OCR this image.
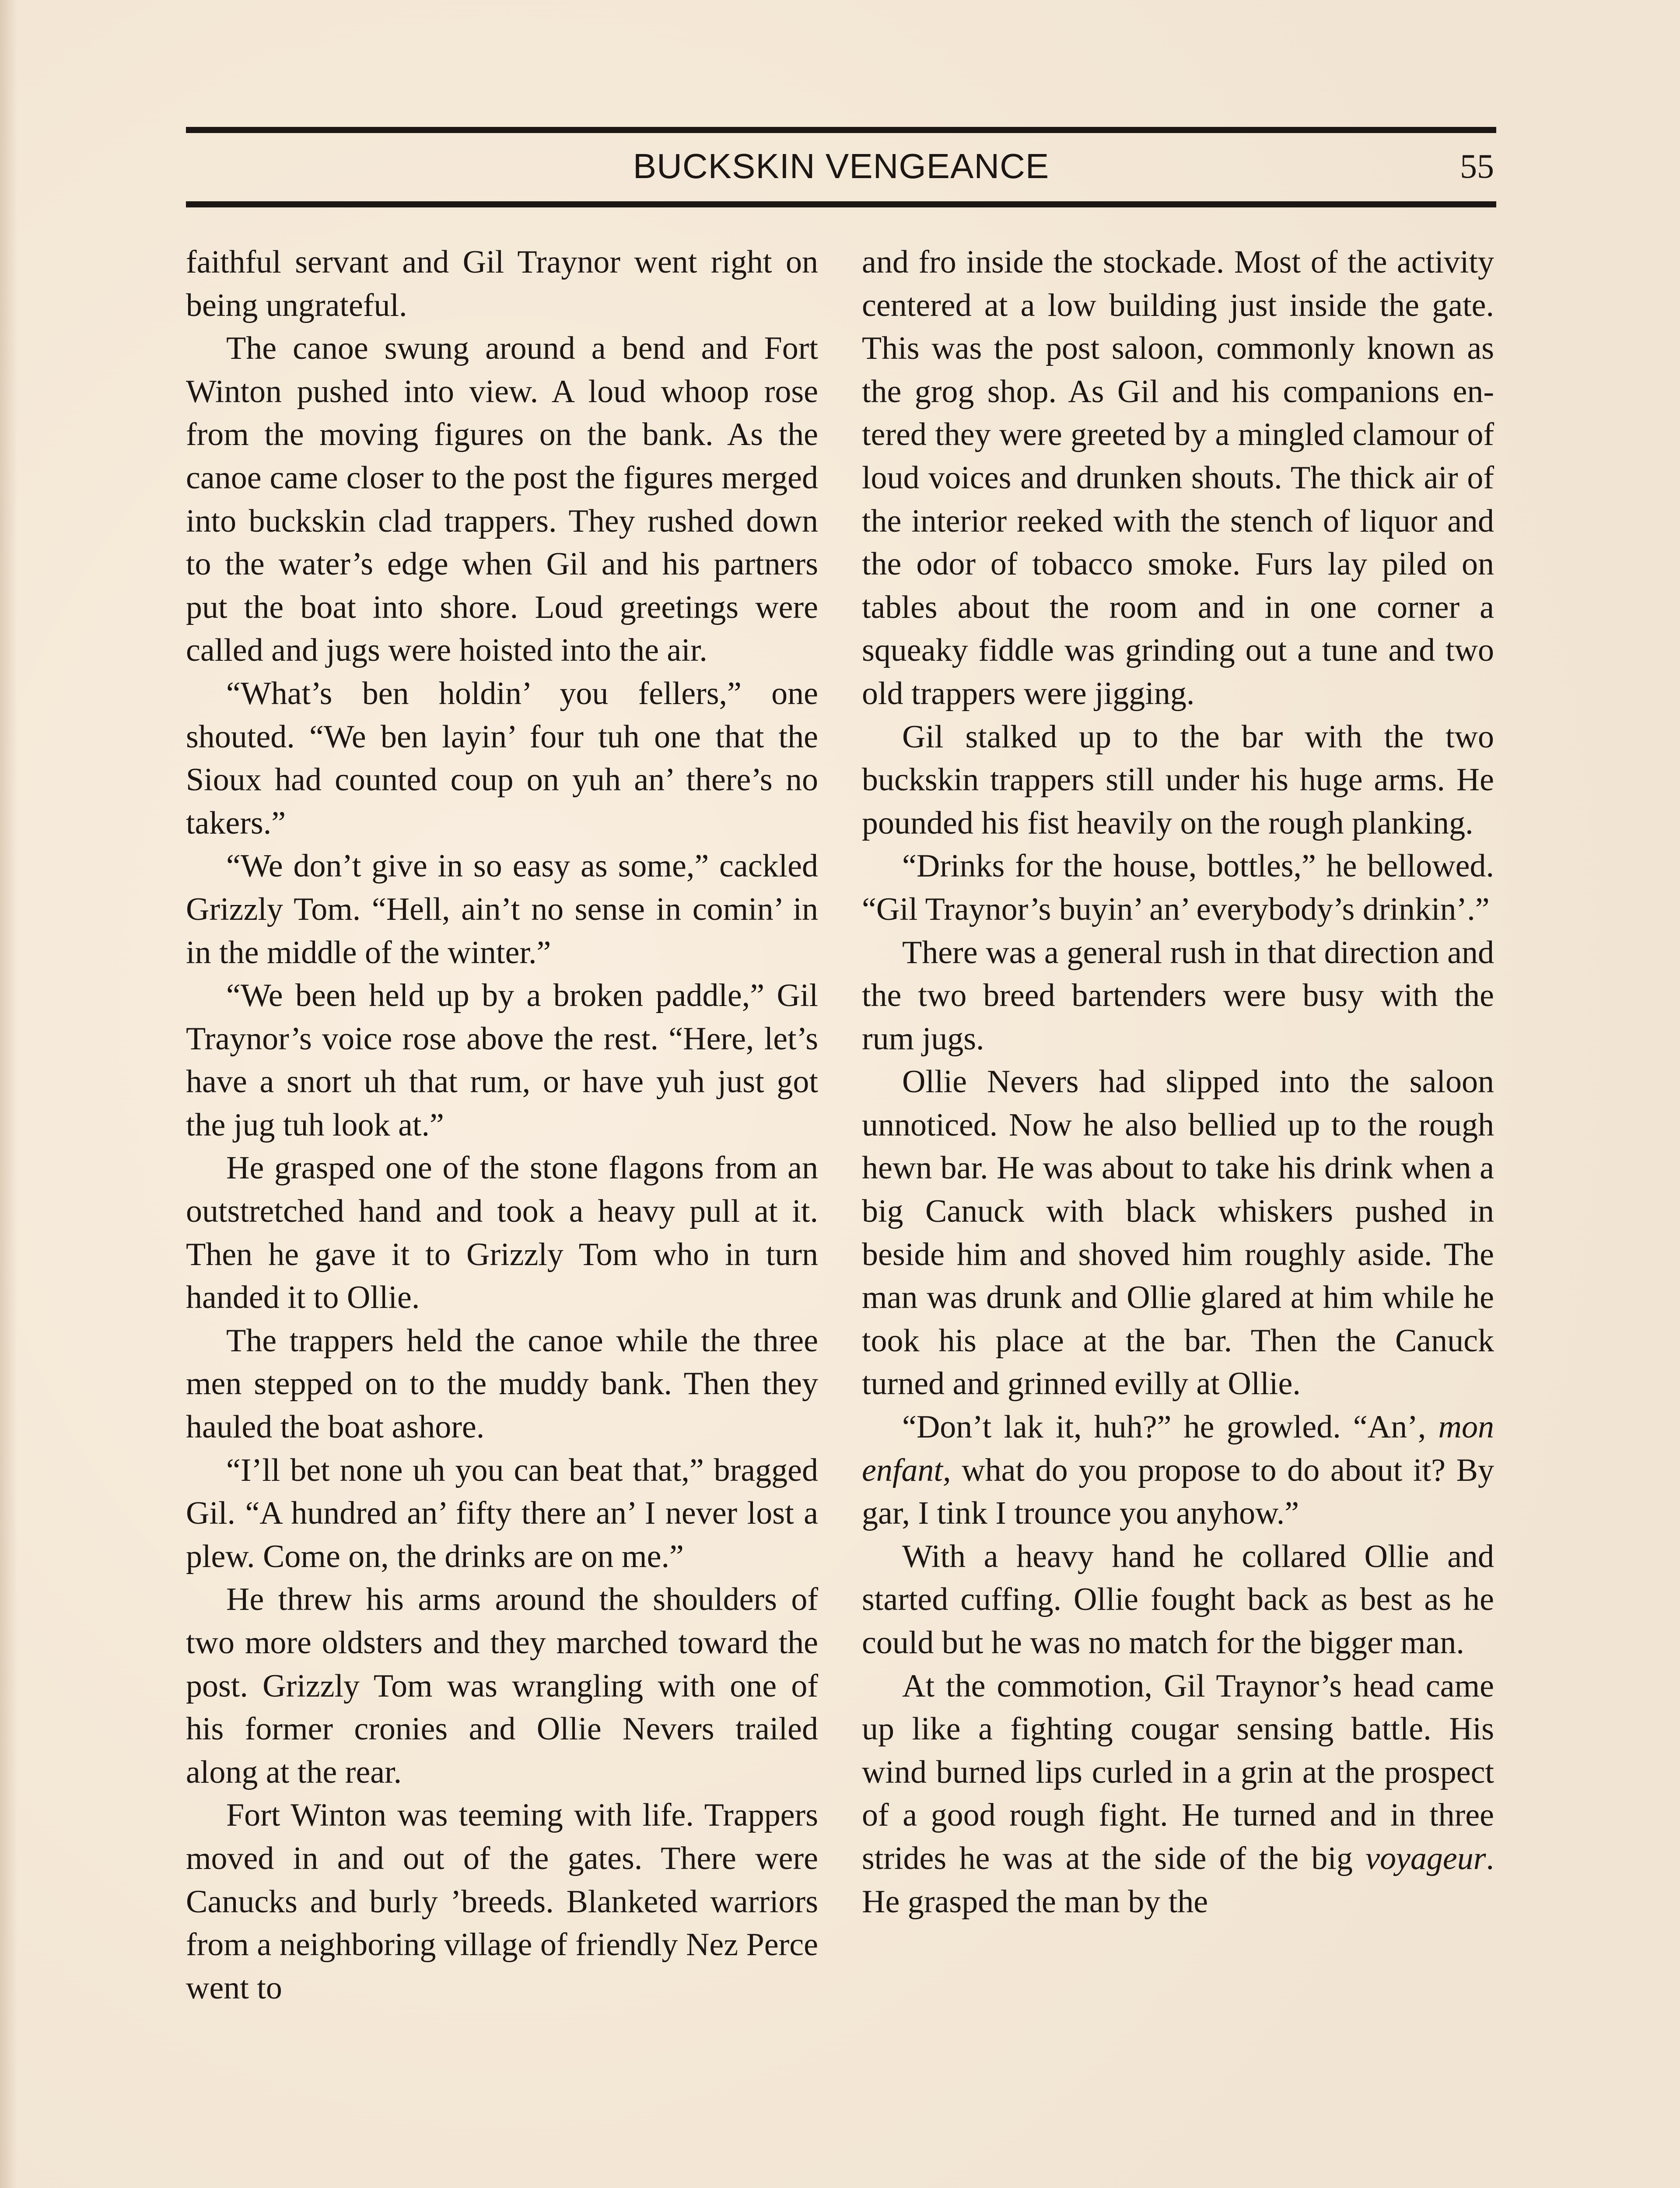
BUCKSKIN VENGEANCE	55

faithful servant and Gil Traynor went right on being ungrateful.

The canoe swung around a bend and Fort Winton pushed into view. A loud whoop rose from the moving figures on the bank. As the canoe came closer to the post the figures merged into buckskin clad trappers. They rushed down to the water’s edge when Gil and his partners put the boat into shore. Loud greetings were called and jugs were hoisted into the air.

“What’s ben holdin’ you fellers,” one shouted. “We ben layin’ four tuh one that the Sioux had counted coup on yuh an’ there’s no takers.”

“We don’t give in so easy as some,” cackled Grizzly Tom. “Hell, ain’t no sense in comin’ in in the middle of the winter.”

“We been held up by a broken paddle,” Gil Traynor’s voice rose above the rest. “Here, let’s have a snort uh that rum, or have yuh just got the jug tuh look at.”

He grasped one of the stone flagons from an outstretched hand and took a heavy pull at it. Then he gave it to Grizzly Tom who in turn handed it to Ollie.

The trappers held the canoe while the three men stepped on to the muddy bank. Then they hauled the boat ashore.

“I’ll bet none uh you can beat that,” bragged Gil. “A hundred an’ fifty there an’ I never lost a plew. Come on, the drinks are on me.”

He threw his arms around the shoulders of two more oldsters and they marched toward the post. Grizzly Tom was wrangling with one of his former cronies and Ollie Nevers trailed along at the rear.

Fort Winton was teeming with life. Trappers moved in and out of the gates. There were Canucks and burly ’breeds. Blanketed warriors from a neighboring village of friendly Nez Perce went to

and fro inside the stockade. Most of the activity centered at a low building just inside the gate. This was the post saloon, commonly known as the grog shop. As Gil and his companions entered they were greeted by a mingled clamour of loud voices and drunken shouts. The thick air of the interior reeked with the stench of liquor and the odor of tobacco smoke. Furs lay piled on tables about the room and in one corner a squeaky fiddle was grinding out a tune and two old trappers were jigging.

Gil stalked up to the bar with the two buckskin trappers still under his huge arms. He pounded his fist heavily on the rough planking.

“Drinks for the house, bottles,” he bellowed. “Gil Traynor’s buyin’ an’ everybody’s drinkin’.”

There was a general rush in that direction and the two breed bartenders were busy with the rum jugs.

Ollie Nevers had slipped into the saloon unnoticed. Now he also bellied up to the rough hewn bar. He was about to take his drink when a big Canuck with black whiskers pushed in beside him and shoved him roughly aside. The man was drunk and Ollie glared at him while he took his place at the bar. Then the Canuck turned and grinned evilly at Ollie.

“Don’t lak it, huh?” he growled. “An’, mon enfant, what do you propose to do about it? By gar, I tink I trounce you anyhow.”

With a heavy hand he collared Ollie and started cuffing. Ollie fought back as best as he could but he was no match for the bigger man.

At the commotion, Gil Traynor’s head came up like a fighting cougar sensing battle. His wind burned lips curled in a grin at the prospect of a good rough fight. He turned and in three strides he was at the side of the big voyageur. He grasped the man by the
